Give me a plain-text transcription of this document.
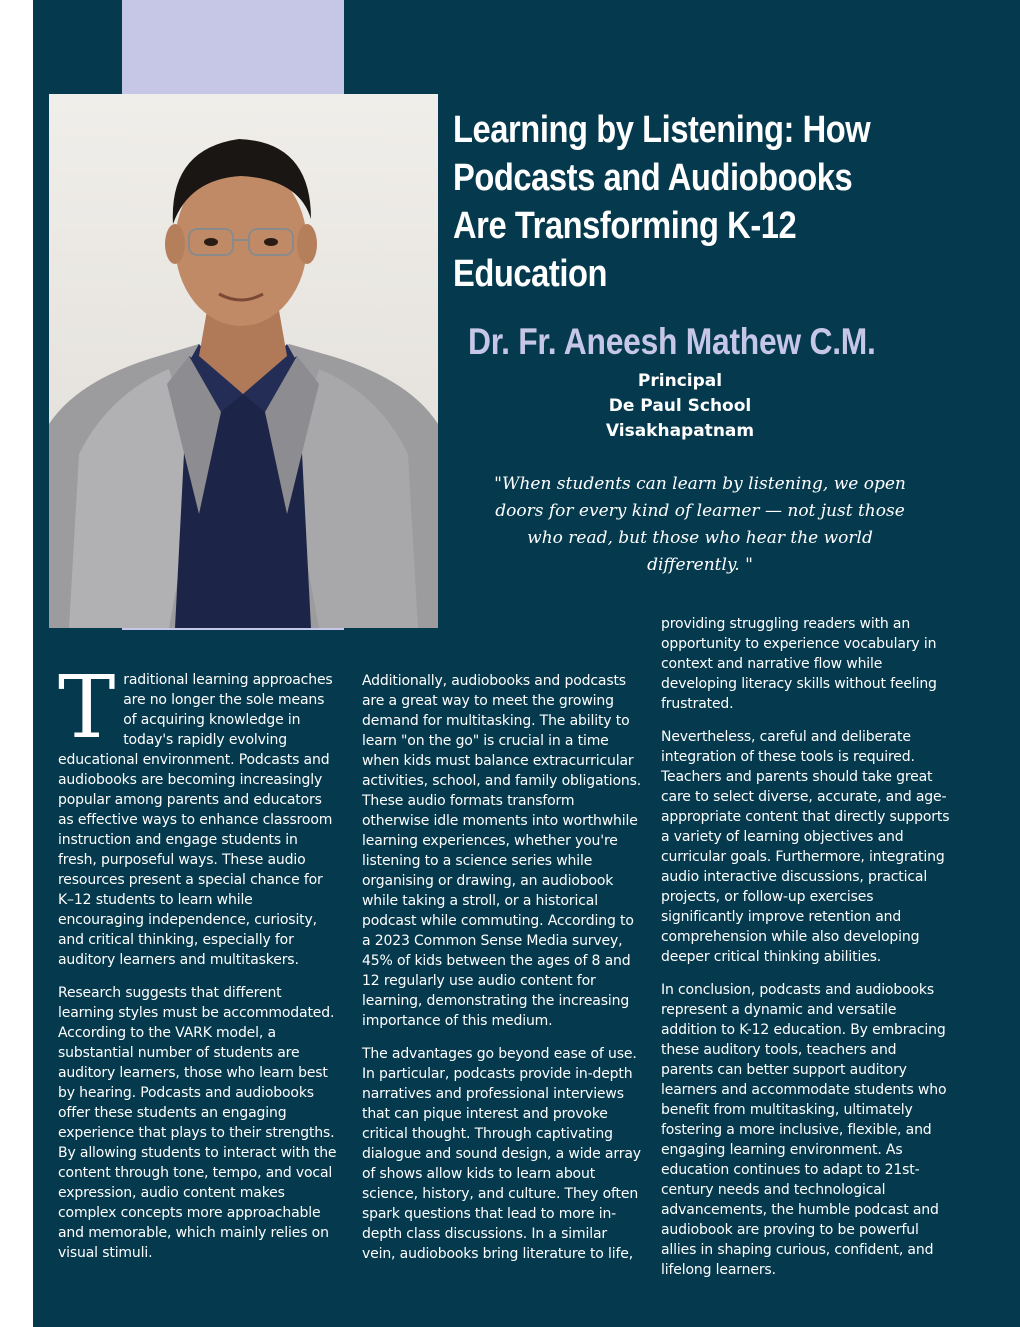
Learning by Listening: How Podcasts and Audiobooks Are Transforming K-12 Education
Dr. Fr. Aneesh Mathew C.M.
Principal
De Paul School
Visakhapatnam
"When students can learn by listening, we open doors for every kind of learner — not just those who read, but those who hear the world differently. "

Traditional learning approaches are no longer the sole means of acquiring knowledge in today's rapidly evolving educational environment. Podcasts and audiobooks are becoming increasingly popular among parents and educators as effective ways to enhance classroom instruction and engage students in fresh, purposeful ways. These audio resources present a special chance for K–12 students to learn while encouraging independence, curiosity, and critical thinking, especially for auditory learners and multitaskers.

Research suggests that different learning styles must be accommodated. According to the VARK model, a substantial number of students are auditory learners, those who learn best by hearing. Podcasts and audiobooks offer these students an engaging experience that plays to their strengths. By allowing students to interact with the content through tone, tempo, and vocal expression, audio content makes complex concepts more approachable and memorable, which mainly relies on visual stimuli.

Additionally, audiobooks and podcasts are a great way to meet the growing demand for multitasking. The ability to learn "on the go" is crucial in a time when kids must balance extracurricular activities, school, and family obligations. These audio formats transform otherwise idle moments into worthwhile learning experiences, whether you're listening to a science series while organising or drawing, an audiobook while taking a stroll, or a historical podcast while commuting. According to a 2023 Common Sense Media survey, 45% of kids between the ages of 8 and 12 regularly use audio content for learning, demonstrating the increasing importance of this medium.

The advantages go beyond ease of use. In particular, podcasts provide in-depth narratives and professional interviews that can pique interest and provoke critical thought. Through captivating dialogue and sound design, a wide array of shows allow kids to learn about science, history, and culture. They often spark questions that lead to more in-depth class discussions. In a similar vein, audiobooks bring literature to life,

providing struggling readers with an opportunity to experience vocabulary in context and narrative flow while developing literacy skills without feeling frustrated.

Nevertheless, careful and deliberate integration of these tools is required. Teachers and parents should take great care to select diverse, accurate, and age-appropriate content that directly supports a variety of learning objectives and curricular goals. Furthermore, integrating audio interactive discussions, practical projects, or follow-up exercises significantly improve retention and comprehension while also developing deeper critical thinking abilities.

In conclusion, podcasts and audiobooks represent a dynamic and versatile addition to K-12 education. By embracing these auditory tools, teachers and parents can better support auditory learners and accommodate students who benefit from multitasking, ultimately fostering a more inclusive, flexible, and engaging learning environment. As education continues to adapt to 21st-century needs and technological advancements, the humble podcast and audiobook are proving to be powerful allies in shaping curious, confident, and lifelong learners.
